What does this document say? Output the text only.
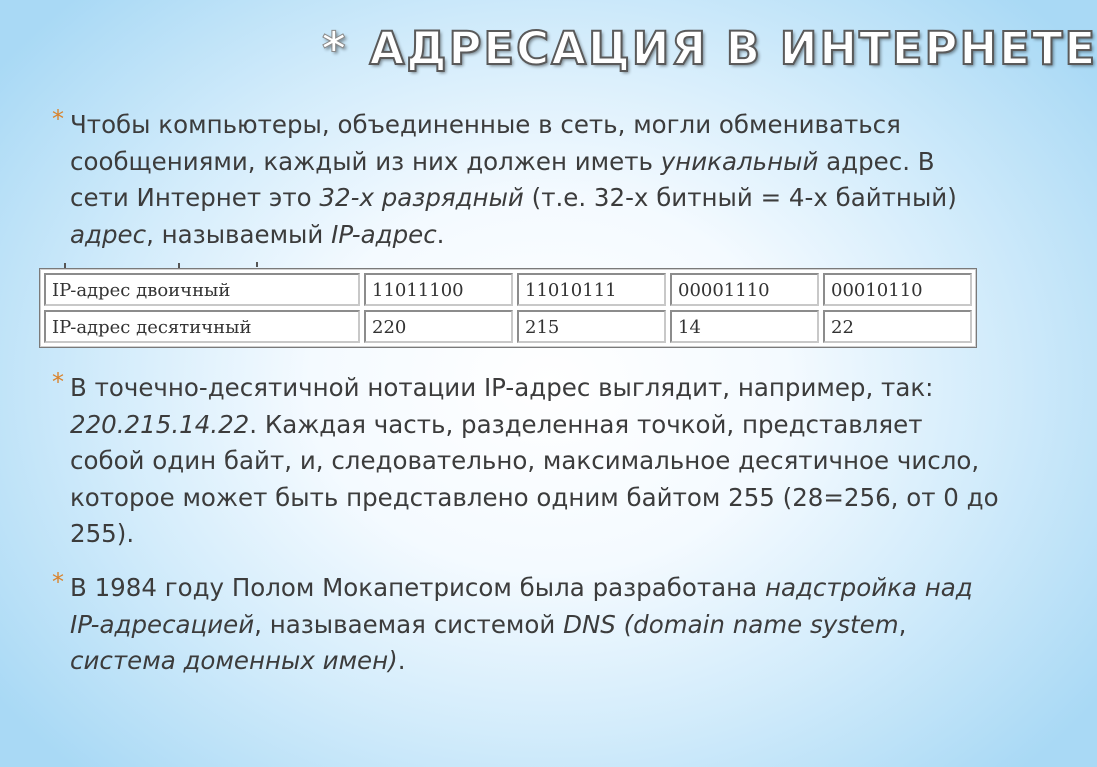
* АДРЕСАЦИЯ В ИНТЕРНЕТЕ
* Чтобы компьютеры, объединенные в сеть, могли обмениваться сообщениями, каждый из них должен иметь уникальный адрес. В сети Интернет это 32-х разрядный (т.е. 32-х битный = 4-х байтный) адрес, называемый IP-адрес.
IP-адрес двоичный	11011100	11010111	00001110	00010110
IP-адрес десятичный	220	215	14	22
* В точечно-десятичной нотации IP-адрес выглядит, например, так: 220.215.14.22. Каждая часть, разделенная точкой, представляет собой один байт, и, следовательно, максимальное десятичное число, которое может быть представлено одним байтом 255 (28=256, от 0 до 255).
* В 1984 году Полом Мокапетрисом была разработана надстройка над IP-адресацией, называемая системой DNS (domain name system, система доменных имен).
